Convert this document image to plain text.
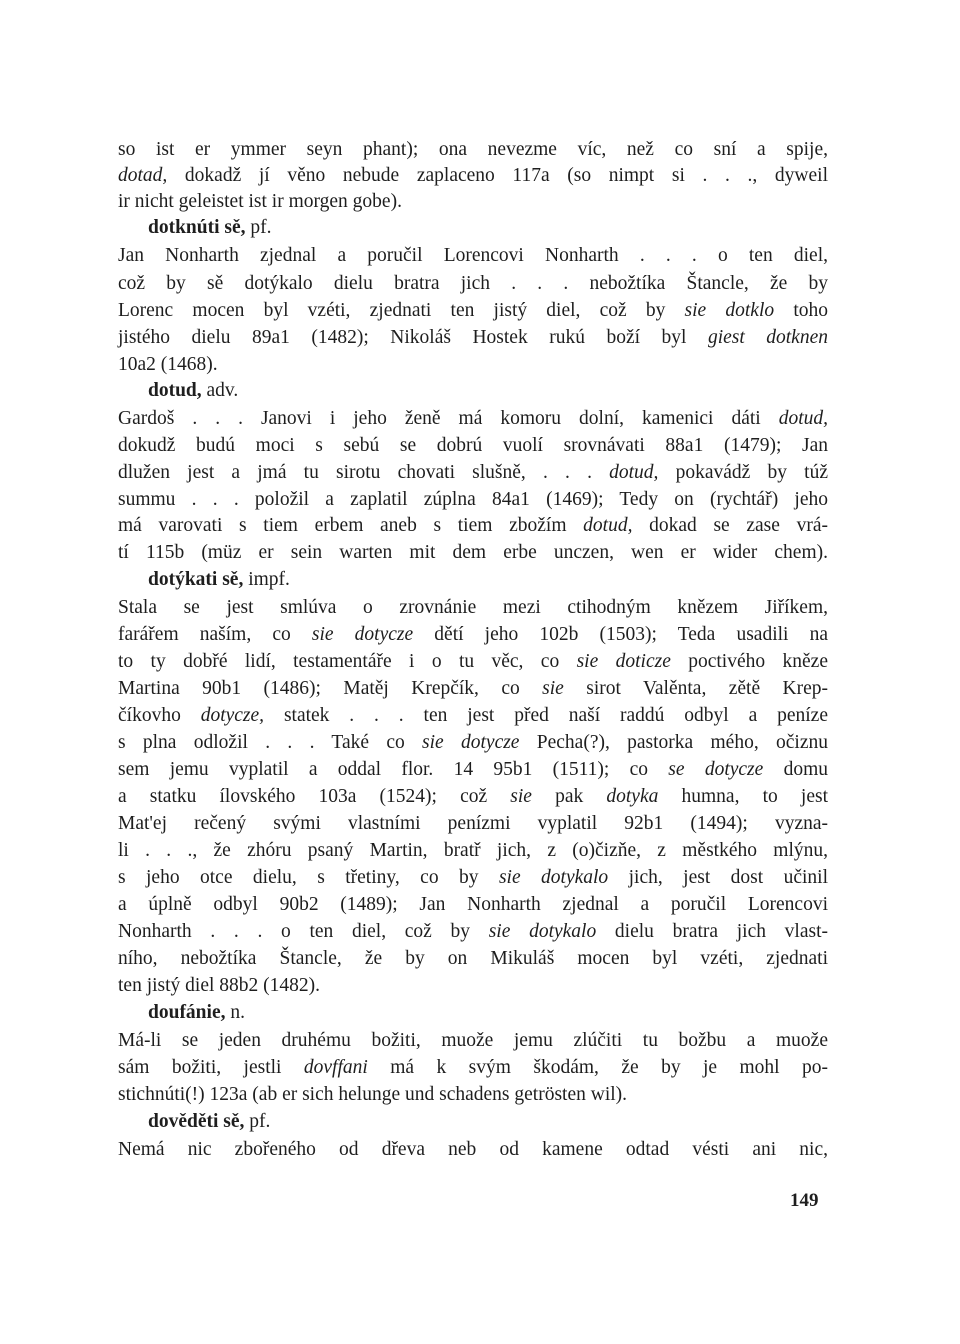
so ist er ymmer seyn phant); ona nevezme víc, než co sní a spije,
dotad, dokadž jí věno nebude zaplaceno 117a (so nimpt si . . ., dyweil
ir nicht geleistet ist ir morgen gobe).
dotknúti sě, pf.
Jan Nonharth zjednal a poručil Lorencovi Nonharth . . . o ten diel,
což by sě dotýkalo dielu bratra jich . . . nebožtíka Štancle, že by
Lorenc mocen byl vzéti, zjednati ten jistý diel, což by sie dotklo toho
jistého dielu 89a1 (1482); Nikoláš Hostek rukú boží byl giest dotknen
10a2 (1468).
dotud, adv.
Gardoš . . . Janovi i jeho ženě má komoru dolní, kamenici dáti dotud,
dokudž budú moci s sebú se dobrú vuolí srovnávati 88a1 (1479); Jan
dlužen jest a jmá tu sirotu chovati slušně, . . . dotud, pokavádž by túž
summu . . . položil a zaplatil zúplna 84a1 (1469); Tedy on (rychtář) jeho
má varovati s tiem erbem aneb s tiem zbožím dotud, dokad se zase vrá-
tí 115b (müz er sein warten mit dem erbe unczen, wen er wider chem).
dotýkati sě, impf.
Stala se jest smlúva o zrovnánie mezi ctihodným knězem Jiříkem,
farářem naším, co sie dotycze dětí jeho 102b (1503); Teda usadili na
to ty dobřé lidí, testamentáře i o tu věc, co sie doticze poctivého kněze
Martina 90b1 (1486); Matěj Krepčík, co sie sirot Valěnta, zětě Krep-
číkovho dotycze, statek . . . ten jest před naší raddú odbyl a peníze
s plna odložil . . . Také co sie dotycze Pecha(?), pastorka mého, očiznu
sem jemu vyplatil a oddal flor. 14 95b1 (1511); co se dotycze domu
a statku ílovského 103a (1524); což sie pak dotyka humna, to jest
Mat'ej rečený svými vlastními penízmi vyplatil 92b1 (1494); vyzna-
li . . ., že zhóru psaný Martin, bratř jich, z (o)čizňe, z městkého mlýnu,
s jeho otce dielu, s třetiny, co by sie dotykalo jich, jest dost učinil
a úplně odbyl 90b2 (1489); Jan Nonharth zjednal a poručil Lorencovi
Nonharth . . . o ten diel, což by sie dotykalo dielu bratra jich vlast-
ního, nebožtíka Štancle, že by on Mikuláš mocen byl vzéti, zjednati
ten jistý diel 88b2 (1482).
doufánie, n.
Má-li se jeden druhému božiti, muože jemu zlúčiti tu božbu a muože
sám božiti, jestli dovffani má k svým škodám, že by je mohl po-
stichnúti(!) 123a (ab er sich helunge und schadens getrösten wil).
dověděti sě, pf.
Nemá nic zbořeného od dřeva neb od kamene odtad vésti ani nic,
149
